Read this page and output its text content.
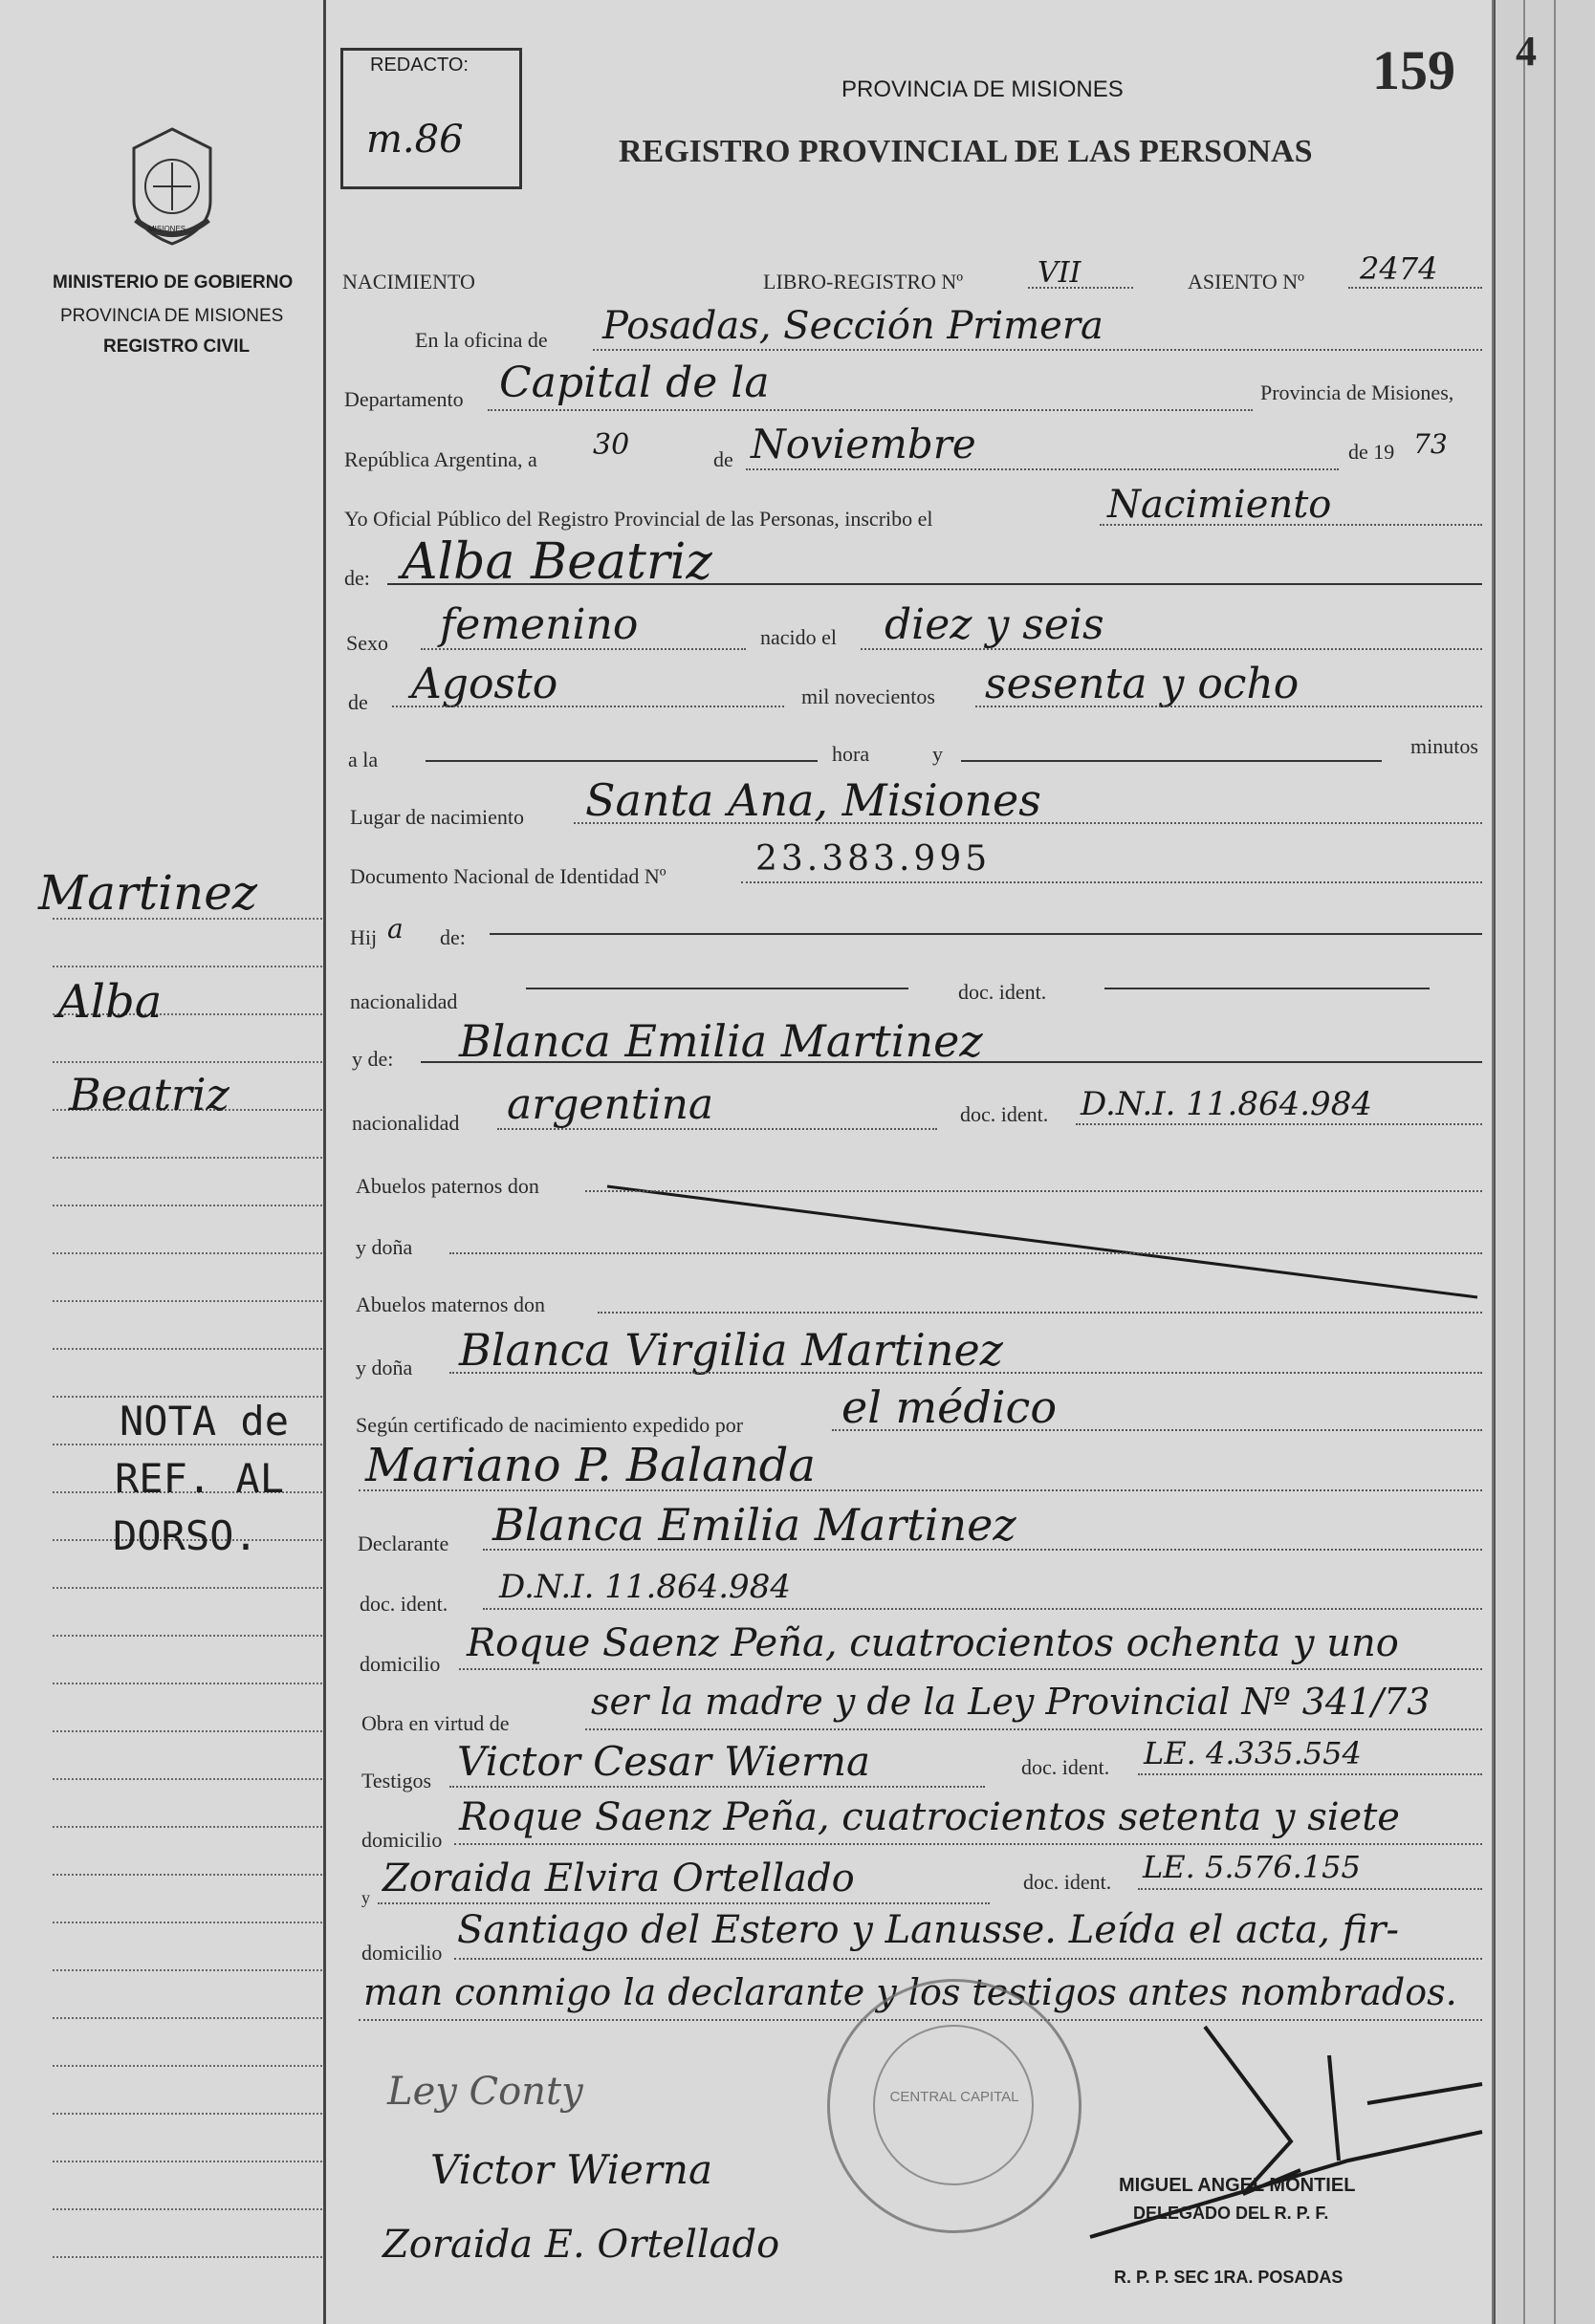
4
REDACTO:
m.86
PROVINCIA DE MISIONES
REGISTRO PROVINCIAL DE LAS PERSONAS
159
MISIONES
MINISTERIO DE GOBIERNO
PROVINCIA DE MISIONES
REGISTRO CIVIL
Martinez
Alba
Beatriz
NOTA de
REF. AL
DORSO.
NACIMIENTO	LIBRO-REGISTRO Nº	VII	ASIENTO Nº 2474
En la oficina de Posadas, Sección Primera
Departamento Capital de la	Provincia de Misiones,
República Argentina, a 30	de Noviembre	de 19 73
Yo Oficial Público del Registro Provincial de las Personas, inscribo el	Nacimiento
de: Alba Beatriz
Sexo femenino	nacido el diez y seis
de Agosto	mil novecientos sesenta y ocho
a la	hora	y	minutos
Lugar de nacimiento Santa Ana, Misiones
Documento Nacional de Identidad Nº	23.383.995
Hij a de:
nacionalidad	doc. ident.
y de: Blanca Emilia Martinez
nacionalidad argentina	doc. ident. D.N.I. 11.864.984
Abuelos paternos don
y doña
Abuelos maternos don
y doña Blanca Virgilia Martinez
Según certificado de nacimiento expedido por el médico
Mariano P. Balanda
Declarante Blanca Emilia Martinez
doc. ident. D.N.I. 11.864.984
domicilio Roque Saenz Peña, cuatrocientos ochenta y uno
Obra en virtud de
ser la madre y de la Ley Provincial Nº 341/73
Testigos Victor Cesar Wierna	doc. ident. LE. 4.335.554
domicilio
Roque Saenz Peña, cuatrocientos setenta y siete
y Zoraida Elvira Ortellado	doc. ident. LE. 5.576.155
domicilio
Santiago del Estero y Lanusse. Leída el acta, fir-
man conmigo la declarante y los testigos antes nombrados.
CENTRAL CAPITAL
Ley Conty
Victor Wierna
Zoraida E. Ortellado
MIGUEL ANGEL MONTIEL
DELEGADO DEL R. P. F.
R. P. P. SEC 1RA. POSADAS
